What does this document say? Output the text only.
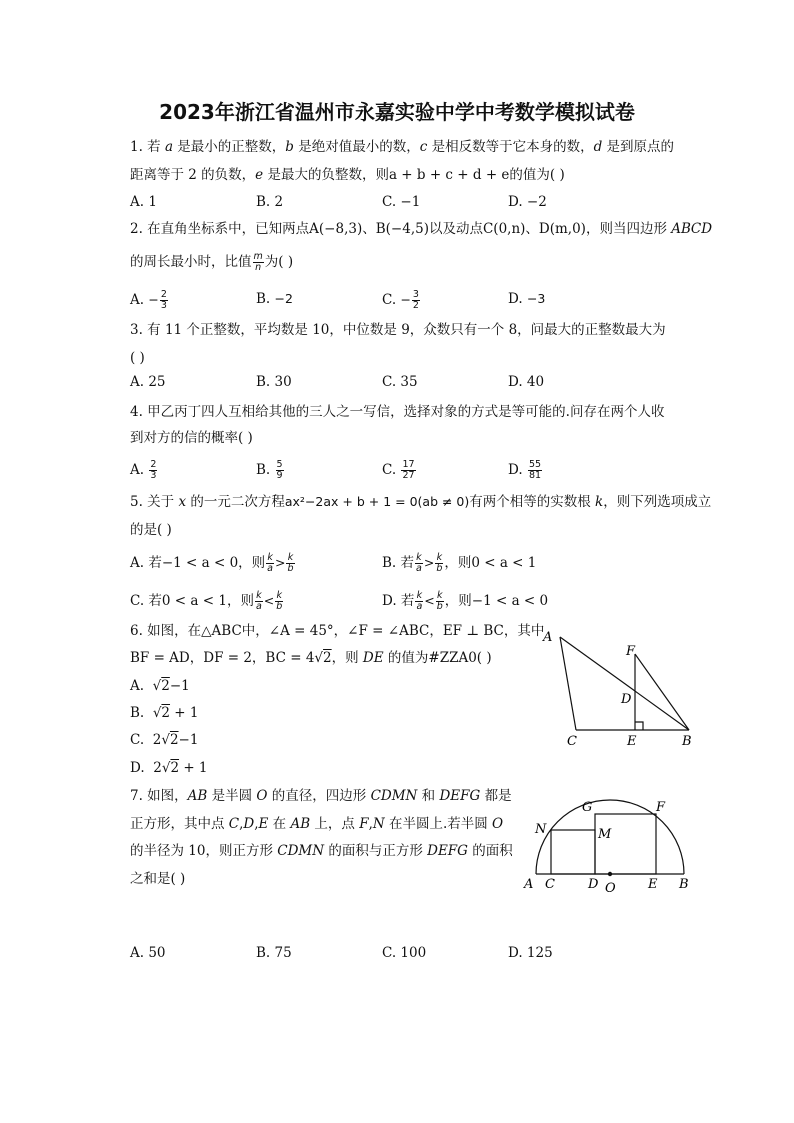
2023年浙江省温州市永嘉实验中学中考数学模拟试卷
1. 若 𝑎 是最小的正整数，𝑏 是绝对值最小的数，𝑐 是相反数等于它本身的数，𝑑 是到原点的
距离等于 2 的负数，𝑒 是最大的负整数，则a + b + c + d + e的值为( )
A. 1	B. 2	C. −1	D. −2
2. 在直角坐标系中，已知两点A(−8,3)、B(−4,5)以及动点C(0,n)、D(m,0)，则当四边形 𝐴𝐵𝐶𝐷
的周长最小时，比值 $\frac{m}{n}$ 为( )
A. − $\frac{2}{3}$	B. −2	C. − $\frac{3}{2}$	D. −3
3. 有 11 个正整数，平均数是 10，中位数是 9，众数只有一个 8，问最大的正整数最大为
( )
A. 25	B. 30	C. 35	D. 40
4. 甲乙丙丁四人互相给其他的三人之一写信，选择对象的方式是等可能的.问存在两个人收
到对方的信的概率( )
A. $\frac{2}{3}$	B. $\frac{5}{9}$	C. $\frac{17}{27}$	D. $\frac{55}{81}$
5. 关于 𝑥 的一元二次方程ax²−2ax + b + 1 = 0(ab ≠ 0)有两个相等的实数根 𝑘，则下列选项成立
的是( )
A. 若−1 < a < 0，则 $\frac{k}{a} > \frac{k}{b}$	B. 若 $\frac{k}{a} > \frac{k}{b}$ ，则0 < a < 1
C. 若0 < a < 1，则 $\frac{k}{a} < \frac{k}{b}$	D. 若 $\frac{k}{a} < \frac{k}{b}$ ，则−1 < a < 0
6. 如图，在△ABC中，∠A = 45°，∠F = ∠ABC，EF ⊥ BC，其中
BF = AD，DF = 2，BC = 4√2，则 𝐷𝐸 的值为#ZZA0( )
A. √2−1
B. √2 + 1
C. 2√2−1
D. 2√2 + 1
A
F
D
C	E	B
7. 如图，𝐴𝐵 是半圆 𝑂 的直径，四边形 𝐶𝐷𝑀𝑁 和 𝐷𝐸𝐹𝐺 都是
正方形，其中点 𝐶,𝐷,𝐸 在 𝐴𝐵 上，点 𝐹,𝑁 在半圆上.若半圆 𝑂
的半径为 10，则正方形 𝐶𝐷𝑀𝑁 的面积与正方形 𝐷𝐸𝐹𝐺 的面积
之和是( )
A. 50	B. 75	C. 100	D. 125
G	F
N	M
A C	D O E B
